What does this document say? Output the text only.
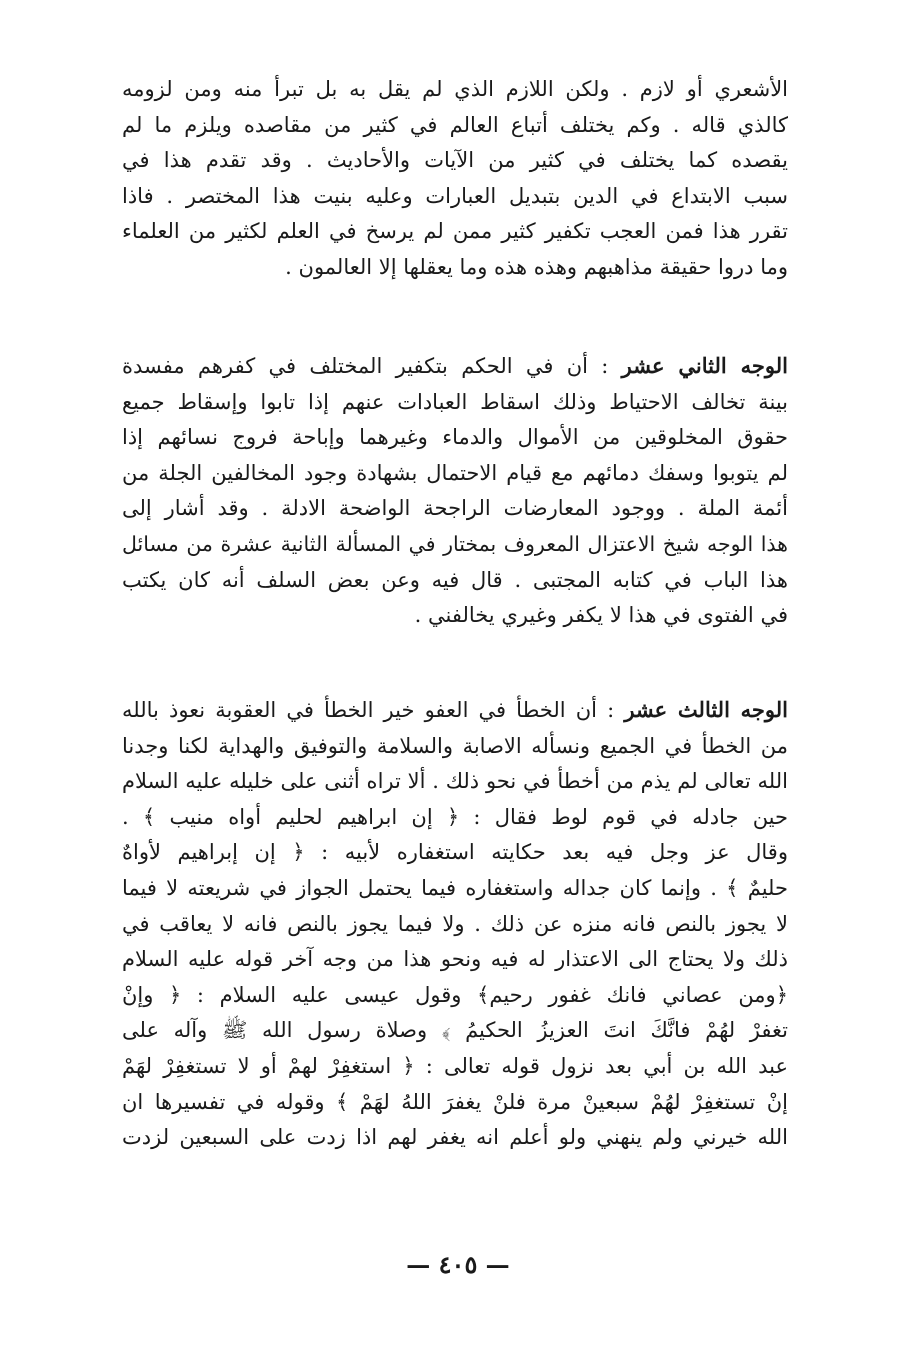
الأشعري أو لازم . ولكن اللازم الذي لم يقل به بل تبرأ منه ومن لزومه
كالذي قاله . وكم يختلف أتباع العالم في كثير من مقاصده ويلزم ما لم
يقصده كما يختلف في كثير من الآيات والأحاديث . وقد تقدم هذا في
سبب الابتداع في الدين بتبديل العبارات وعليه بنيت هذا المختصر . فاذا
تقرر هذا فمن العجب تكفير كثير ممن لم يرسخ في العلم لكثير من العلماء
وما دروا حقيقة مذاهبهم وهذه هذه وما يعقلها إلا العالمون .
الوجه الثاني عشر : أن في الحكم بتكفير المختلف في كفرهم مفسدة
بينة تخالف الاحتياط وذلك اسقاط العبادات عنهم إذا تابوا وإسقاط جميع
حقوق المخلوقين من الأموال والدماء وغيرهما وإباحة فروج نسائهم إذا
لم يتوبوا وسفك دمائهم مع قيام الاحتمال بشهادة وجود المخالفين الجلة من
أئمة الملة . ووجود المعارضات الراجحة الواضحة الادلة . وقد أشار إلى
هذا الوجه شيخ الاعتزال المعروف بمختار في المسألة الثانية عشرة من مسائل
هذا الباب في كتابه المجتبى . قال فيه وعن بعض السلف أنه كان يكتب
في الفتوى في هذا لا يكفر وغيري يخالفني .
الوجه الثالث عشر : أن الخطأ في العفو خير الخطأ في العقوبة نعوذ بالله
من الخطأ في الجميع ونسأله الاصابة والسلامة والتوفيق والهداية لكنا وجدنا
الله تعالى لم يذم من أخطأ في نحو ذلك . ألا تراه أثنى على خليله عليه السلام
حين جادله في قوم لوط فقال : ﴿ إن ابراهيم لحليم أواه منيب ﴾ .
وقال عز وجل فيه بعد حكايته استغفاره لأبيه : ﴿ إن إبراهيم لأواهٌ
حليمٌ ﴾ . وإنما كان جداله واستغفاره فيما يحتمل الجواز في شريعته لا فيما
لا يجوز بالنص فانه منزه عن ذلك . ولا فيما يجوز بالنص فانه لا يعاقب في
ذلك ولا يحتاج الى الاعتذار له فيه ونحو هذا من وجه آخر قوله عليه السلام
﴿ومن عصاني فانك غفور رحيم﴾ وقول عيسى عليه السلام : ﴿ وإنْ
تغفرْ لهُمْ فانَّكَ انتَ العزيزُ الحكيمُ ﴾ وصلاة رسول الله ﷺ وآله على
عبد الله بن أبي بعد نزول قوله تعالى : ﴿ استغفِرْ لهمْ أو لا تستغفِرْ لهَمْ
إنْ تستغفِرْ لهُمْ سبعينْ مرة فلنْ يغفرَ اللهُ لهَمْ ﴾ وقوله في تفسيرها ان
الله خيرني ولم ينهني ولو أعلم انه يغفر لهم اذا زدت على السبعين لزدت
— ٤٠٥ —
